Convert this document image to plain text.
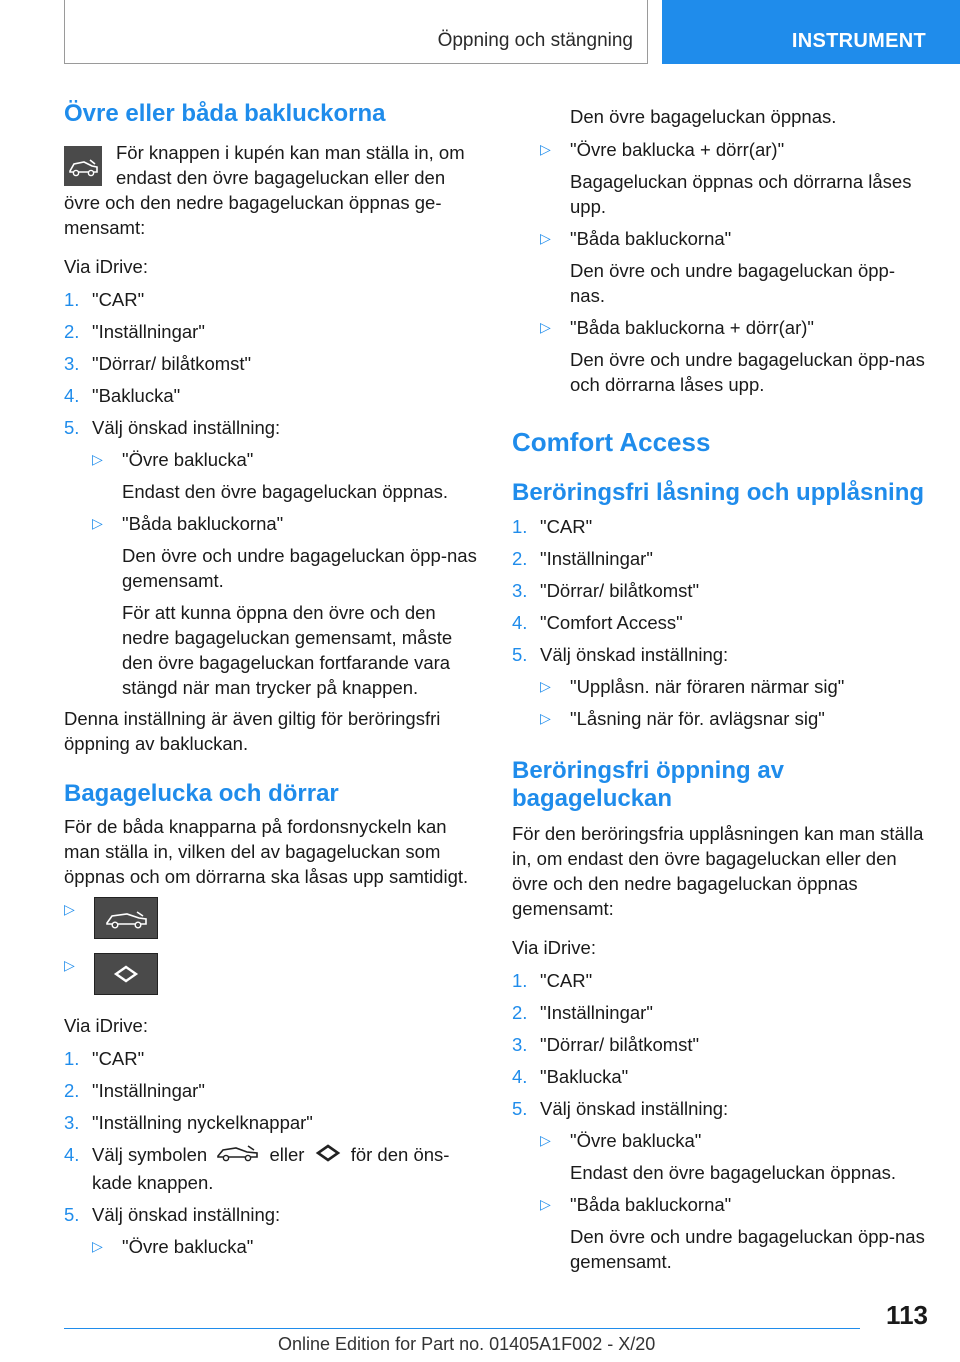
Öppning och stängning	INSTRUMENT
Övre eller båda bakluckorna

För knappen i kupén kan man ställa in, om endast den övre bagageluckan eller den övre och den nedre bagageluckan öppnas ge-mensamt:

Via iDrive:

1. "CAR"
2. "Inställningar"
3. "Dörrar/ bilåtkomst"
4. "Baklucka"
5. Välj önskad inställning:
▷ "Övre baklucka"

Endast den övre bagageluckan öppnas.

▷ "Båda bakluckorna"

Den övre och undre bagageluckan öpp-nas gemensamt.

För att kunna öppna den övre och den nedre bagageluckan gemensamt, måste den övre bagageluckan fortfarande vara stängd när man trycker på knappen.

Denna inställning är även giltig för beröringsfri öppning av bakluckan.

Bagagelucka och dörrar

För de båda knapparna på fordonsnyckeln kan man ställa in, vilken del av bagageluckan som öppnas och om dörrarna ska låsas upp samtidigt.

▷
▷

Via iDrive:

1. "CAR"
2. "Inställningar"
3. "Inställning nyckelknappar"
4. Välj symbolen	eller	för den öns-kade knappen.
5. Välj önskad inställning:
▷ "Övre baklucka"

Den övre bagageluckan öppnas.

▷ "Övre baklucka + dörr(ar)"

Bagageluckan öppnas och dörrarna låses upp.

▷ "Båda bakluckorna"

Den övre och undre bagageluckan öpp-nas.

▷ "Båda bakluckorna + dörr(ar)"

Den övre och undre bagageluckan öpp-nas och dörrarna låses upp.

Comfort Access
Beröringsfri låsning och upplåsning
1. "CAR"
2. "Inställningar"
3. "Dörrar/ bilåtkomst"
4. "Comfort Access"
5. Välj önskad inställning:
▷ "Upplåsn. när föraren närmar sig"
▷ "Låsning när för. avlägsnar sig"
Beröringsfri öppning av bagageluckan

För den beröringsfria upplåsningen kan man ställa in, om endast den övre bagageluckan eller den övre och den nedre bagageluckan öppnas gemensamt:

Via iDrive:

1. "CAR"
2. "Inställningar"
3. "Dörrar/ bilåtkomst"
4. "Baklucka"
5. Välj önskad inställning:
▷ "Övre baklucka"

Endast den övre bagageluckan öppnas.

▷ "Båda bakluckorna"

Den övre och undre bagageluckan öpp-nas gemensamt.

113
Online Edition for Part no. 01405A1F002 - X/20
